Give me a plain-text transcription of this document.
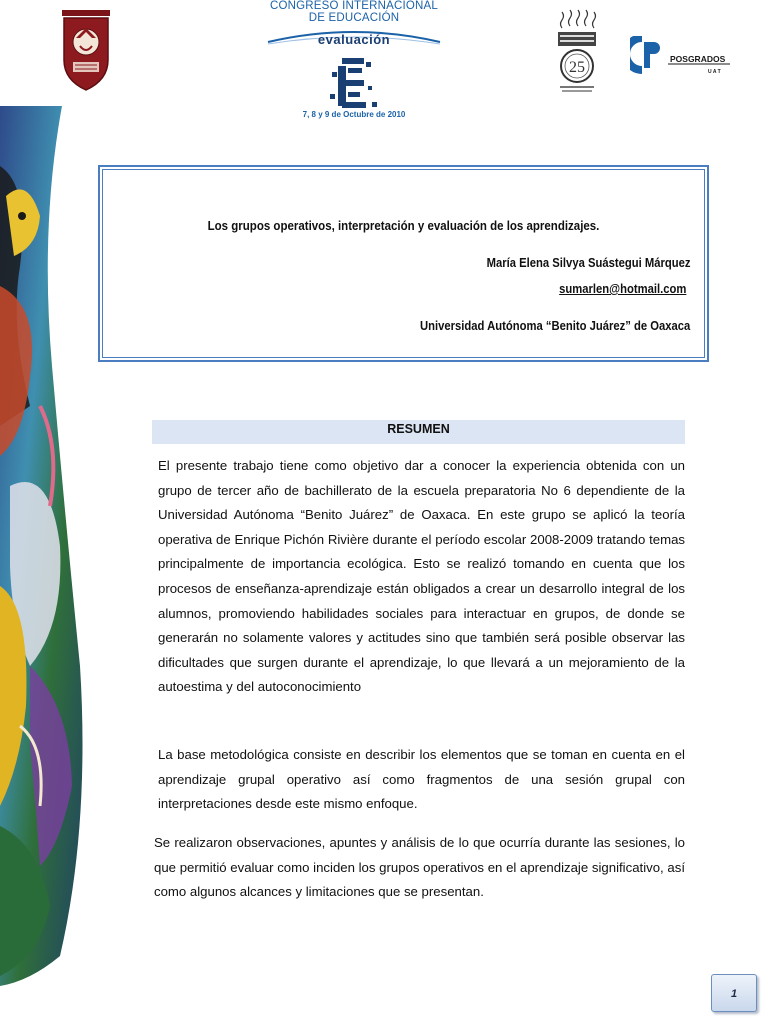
CONGRESO INTERNACIONAL
DE EDUCACIÓN
evaluación
7, 8 y 9 de Octubre de 2010
25	POSGRADOS
U A T
Los grupos operativos, interpretación y evaluación de los aprendizajes.
María Elena Silvya Suástegui Márquez
sumarlen@hotmail.com
Universidad Autónoma “Benito Juárez” de Oaxaca
RESUMEN

El presente trabajo tiene como objetivo dar a conocer la experiencia obtenida con un grupo de tercer año de bachillerato de la escuela preparatoria No 6 dependiente de la Universidad Autónoma “Benito Juárez” de Oaxaca. En este grupo se aplicó la teoría operativa de Enrique Pichón Rivière durante el período escolar 2008-2009 tratando temas principalmente de importancia ecológica. Esto se realizó tomando en cuenta que los procesos de enseñanza-aprendizaje están obligados a crear un desarrollo integral de los alumnos, promoviendo habilidades sociales para interactuar en grupos, de donde se generarán no solamente valores y actitudes sino que también será posible observar las dificultades que surgen durante el aprendizaje, lo que llevará a un mejoramiento de la autoestima y del autoconocimiento

La base metodológica consiste en describir los elementos que se toman en cuenta en el aprendizaje grupal operativo así como fragmentos de una sesión grupal con interpretaciones desde este mismo enfoque.

Se realizaron observaciones, apuntes y análisis de lo que ocurría durante las sesiones, lo que permitió evaluar como inciden los grupos operativos en el aprendizaje significativo, así como algunos alcances y limitaciones que se presentan.

1
